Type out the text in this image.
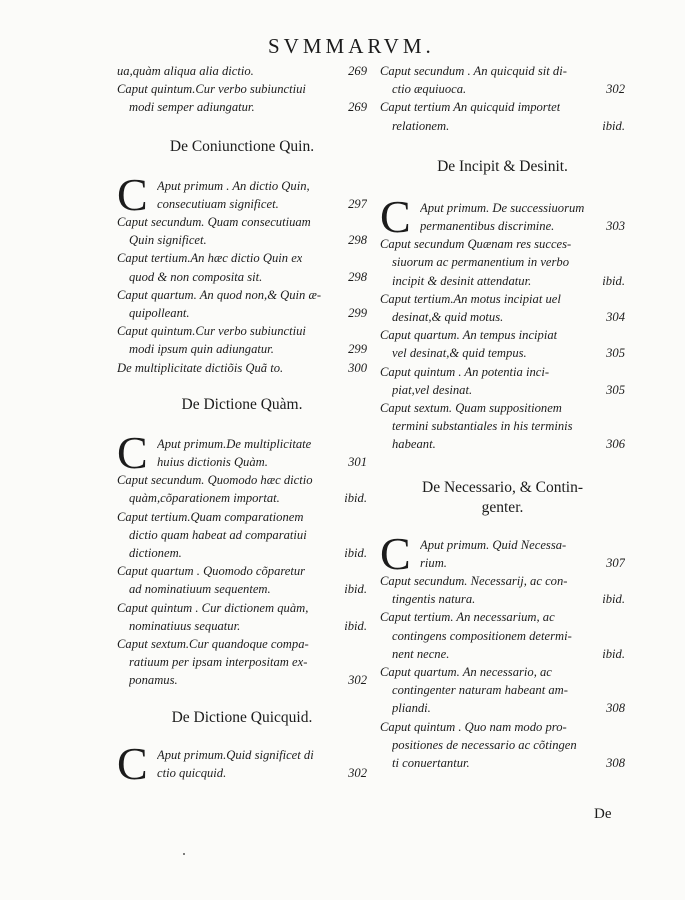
SVMMARVM.
ua,quàm aliqua alia dictio.	269
Caput quintum.Cur verbo subiunctiui
modi semper adiungatur.	269
De Coniunctione Quin.
C Aput primum . An dictio Quin,
consecutiuam significet.	297
Caput secundum. Quam consecutiuam
Quin significet.	298
Caput tertium.An hæc dictio Quin ex
quod & non composita sit.	298
Caput quartum. An quod non,& Quin æ-
quipolleant.	299
Caput quintum.Cur verbo subiunctiui
modi ipsum quin adiungatur.	299
De multiplicitate dictiõis Quã to.	300
De Dictione Quàm.
C Aput primum.De multiplicitate
huius dictionis Quàm.	301
Caput secundum. Quomodo hæc dictio
quàm,cõparationem importat.	ibid.
Caput tertium.Quam comparationem
dictio quam habeat ad comparatiui
dictionem.	ibid.
Caput quartum . Quomodo cõparetur
ad nominatiuum sequentem.	ibid.
Caput quintum . Cur dictionem quàm,
nominatiuus sequatur.	ibid.
Caput sextum.Cur quandoque compa-
ratiuum per ipsam interpositam ex-
ponamus.	302
De Dictione Quicquid.
C Aput primum.Quid significet di
ctio quicquid.	302
Caput secundum . An quicquid sit di-
ctio æquiuoca.	302
Caput tertium An quicquid importet
relationem.	ibid.
De Incipit & Desinit.
C Aput primum. De successiuorum
permanentibus discrimine.	303
Caput secundum Quænam res succes-
siuorum ac permanentium in verbo
incipit & desinit attendatur.	ibid.
Caput tertium.An motus incipiat uel
desinat,& quid motus.	304
Caput quartum. An tempus incipiat
vel desinat,& quid tempus.	305
Caput quintum . An potentia inci-
piat,vel desinat.	305
Caput sextum. Quam suppositionem
termini substantiales in his terminis
habeant.	306
De Necessario, & Contin-
genter.
C Aput primum. Quid Necessa-
rium.	307
Caput secundum. Necessarij, ac con-
tingentis natura.	ibid.
Caput tertium. An necessarium, ac
contingens compositionem determi-
nent necne.	ibid.
Caput quartum. An necessario, ac
contingenter naturam habeant am-
pliandi.	308
Caput quintum . Quo nam modo pro-
positiones de necessario ac cõtingen
ti conuertantur.	308
De
